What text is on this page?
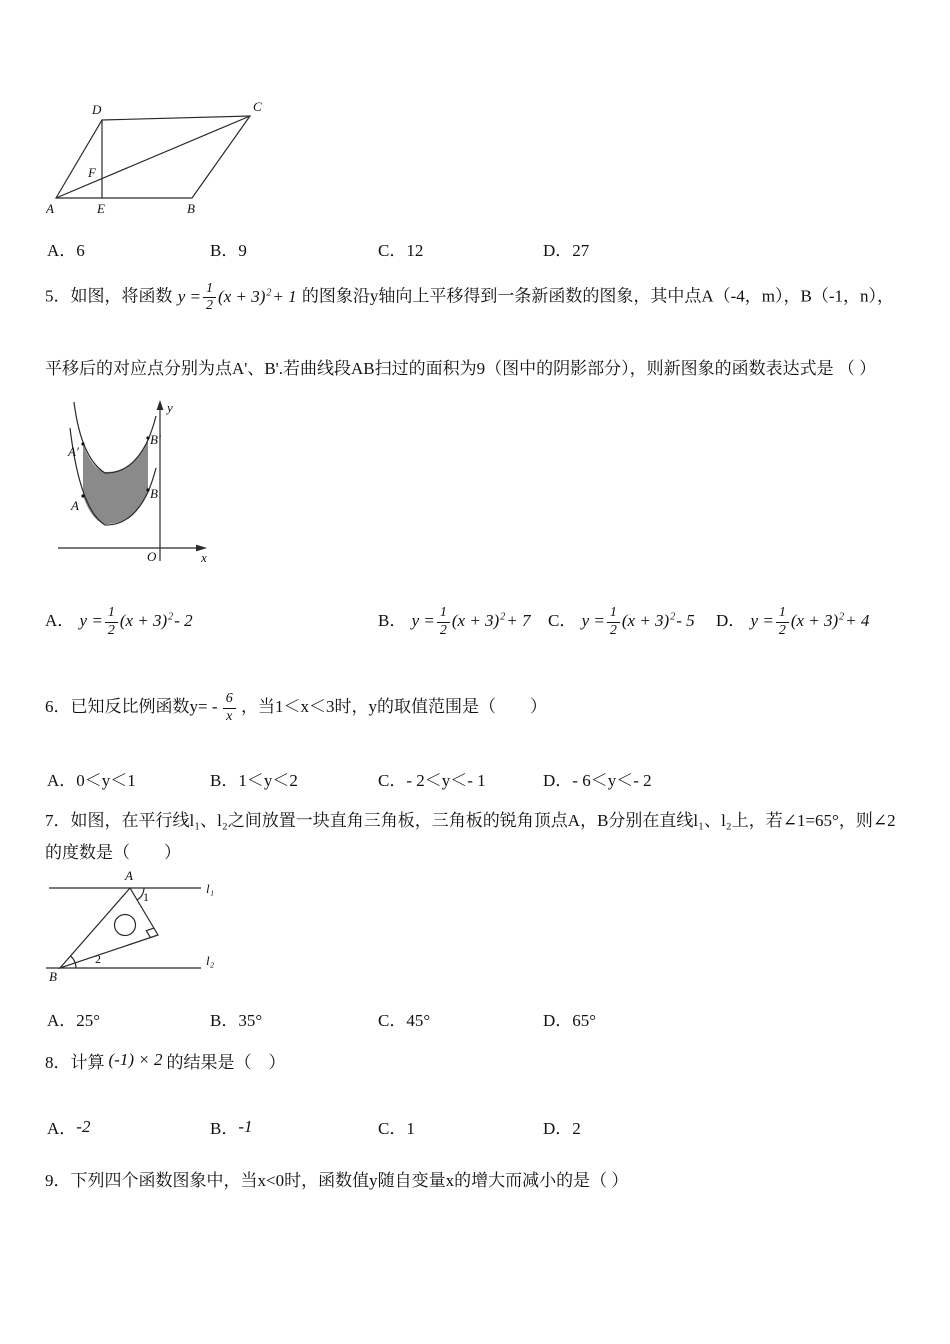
D	C
A	E	B
F
A．6	B．9	C．12	D．27
5．如图，将函数 $y = \frac{1}{2} (x + 3)^2+ 1$ 的图象沿y轴向上平移得到一条新函数的图象，其中点A（-4，m），B（-1，n），
平移后的对应点分别为点A'、B'.若曲线段AB扫过的面积为9（图中的阴影部分），则新图象的函数表达式是 （ ）
y
x
O
A
A'
B
B'
A． $y = \frac{1}{2} (x + 3)^2-$ 2	B． $y = \frac{1}{2} (x + 3)^2+ 7$ C． $y = \frac{1}{2} (x + 3)^2-$ 5 D． $y = \frac{1}{2} (x + 3)^2+ 4$
6．已知反比例函数$y= - \frac{6}{x}$ ，当1＜x＜3时，y的取值范围是（　　）
A．0＜y＜1	B．1＜y＜2	C．- 2＜y＜- 1	D．- 6＜y＜- 2
7．如图，在平行线l₁、l₂之间放置一块直角三角板，三角板的锐角顶点A，B分别在直线l₁、l₂上，若∠1=65°，则∠2
的度数是（　　）
A
B
l₁
l₂
1
2
A．25°	B．35°	C．45°	D．65°
8．计算 (-1) × 2 的结果是（　）
A．-2	B．-1	C．1	D．2
9．下列四个函数图象中，当x<0时，函数值y随自变量x的增大而减小的是（ ）
